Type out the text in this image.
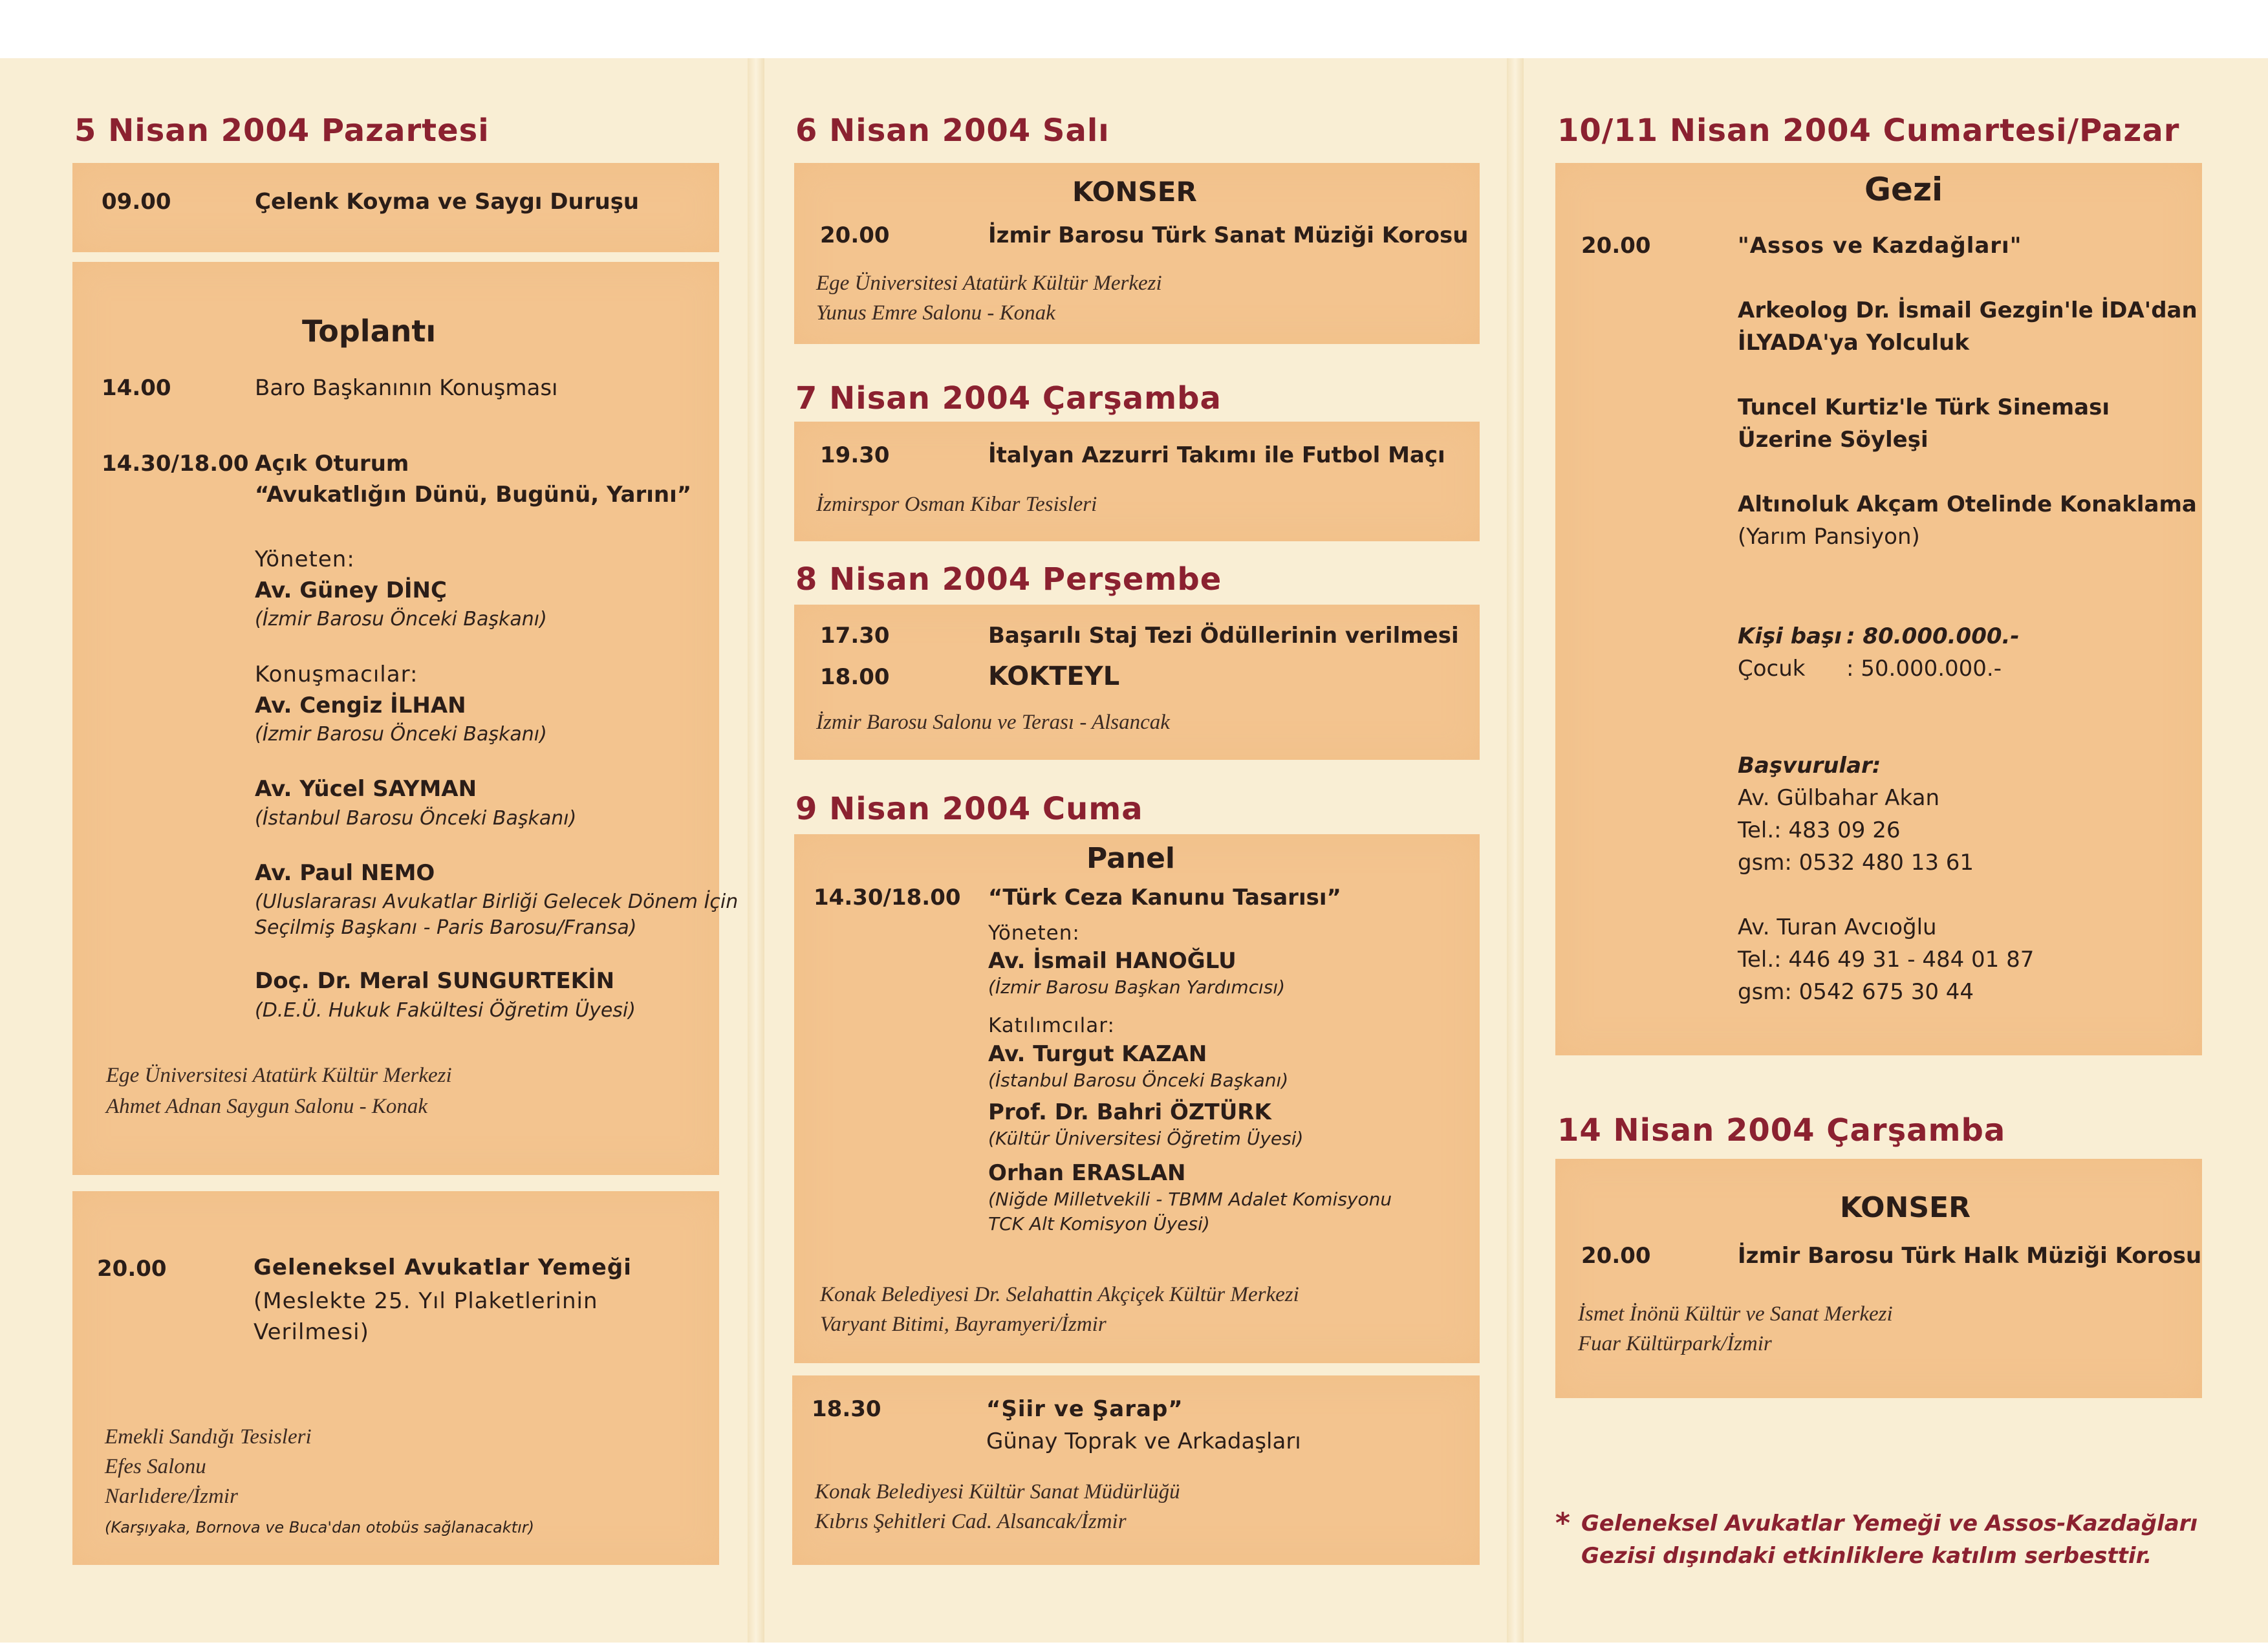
5 Nisan 2004 Pazartesi
09.00	Çelenk Koyma ve Saygı Duruşu
Toplantı
14.00	Baro Başkanının Konuşması
14.30/18.00 Açık Oturum
“Avukatlığın Dünü, Bugünü, Yarını”
Yöneten:
Av. Güney DİNÇ
(İzmir Barosu Önceki Başkanı)
Konuşmacılar:
Av. Cengiz İLHAN
(İzmir Barosu Önceki Başkanı)
Av. Yücel SAYMAN
(İstanbul Barosu Önceki Başkanı)
Av. Paul NEMO
(Uluslararası Avukatlar Birliği Gelecek Dönem İçin
Seçilmiş Başkanı - Paris Barosu/Fransa)
Doç. Dr. Meral SUNGURTEKİN
(D.E.Ü. Hukuk Fakültesi Öğretim Üyesi)
Ege Üniversitesi Atatürk Kültür Merkezi
Ahmet Adnan Saygun Salonu - Konak
20.00	Geleneksel Avukatlar Yemeği
(Meslekte 25. Yıl Plaketlerinin
Verilmesi)
Emekli Sandığı Tesisleri
Efes Salonu
Narlıdere/İzmir
(Karşıyaka, Bornova ve Buca'dan otobüs sağlanacaktır)
6 Nisan 2004 Salı
KONSER
20.00	İzmir Barosu Türk Sanat Müziği Korosu
Ege Üniversitesi Atatürk Kültür Merkezi
Yunus Emre Salonu - Konak
7 Nisan 2004 Çarşamba
19.30	İtalyan Azzurri Takımı ile Futbol Maçı
İzmirspor Osman Kibar Tesisleri
8 Nisan 2004 Perşembe
17.30	Başarılı Staj Tezi Ödüllerinin verilmesi
18.00	KOKTEYL
İzmir Barosu Salonu ve Terası - Alsancak
9 Nisan 2004 Cuma
Panel
14.30/18.00 “Türk Ceza Kanunu Tasarısı”
Yöneten:
Av. İsmail HANOĞLU
(İzmir Barosu Başkan Yardımcısı)
Katılımcılar:
Av. Turgut KAZAN
(İstanbul Barosu Önceki Başkanı)
Prof. Dr. Bahri ÖZTÜRK
(Kültür Üniversitesi Öğretim Üyesi)
Orhan ERASLAN
(Niğde Milletvekili - TBMM Adalet Komisyonu
TCK Alt Komisyon Üyesi)
Konak Belediyesi Dr. Selahattin Akçiçek Kültür Merkezi
Varyant Bitimi, Bayramyeri/İzmir
18.30	“Şiir ve Şarap”
Günay Toprak ve Arkadaşları
Konak Belediyesi Kültür Sanat Müdürlüğü
Kıbrıs Şehitleri Cad. Alsancak/İzmir
10/11 Nisan 2004 Cumartesi/Pazar
Gezi
20.00	"Assos ve Kazdağları"
Arkeolog Dr. İsmail Gezgin'le İDA'dan
İLYADA'ya Yolculuk
Tuncel Kurtiz'le Türk Sineması
Üzerine Söyleşi
Altınoluk Akçam Otelinde Konaklama
(Yarım Pansiyon)
Kişi başı : 80.000.000.-
Çocuk : 50.000.000.-
Başvurular:
Av. Gülbahar Akan
Tel.: 483 09 26
gsm: 0532 480 13 61
Av. Turan Avcıoğlu
Tel.: 446 49 31 - 484 01 87
gsm: 0542 675 30 44
14 Nisan 2004 Çarşamba
KONSER
20.00	İzmir Barosu Türk Halk Müziği Korosu
İsmet İnönü Kültür ve Sanat Merkezi
Fuar Kültürpark/İzmir
* Geleneksel Avukatlar Yemeği ve Assos-Kazdağları
Gezisi dışındaki etkinliklere katılım serbesttir.
